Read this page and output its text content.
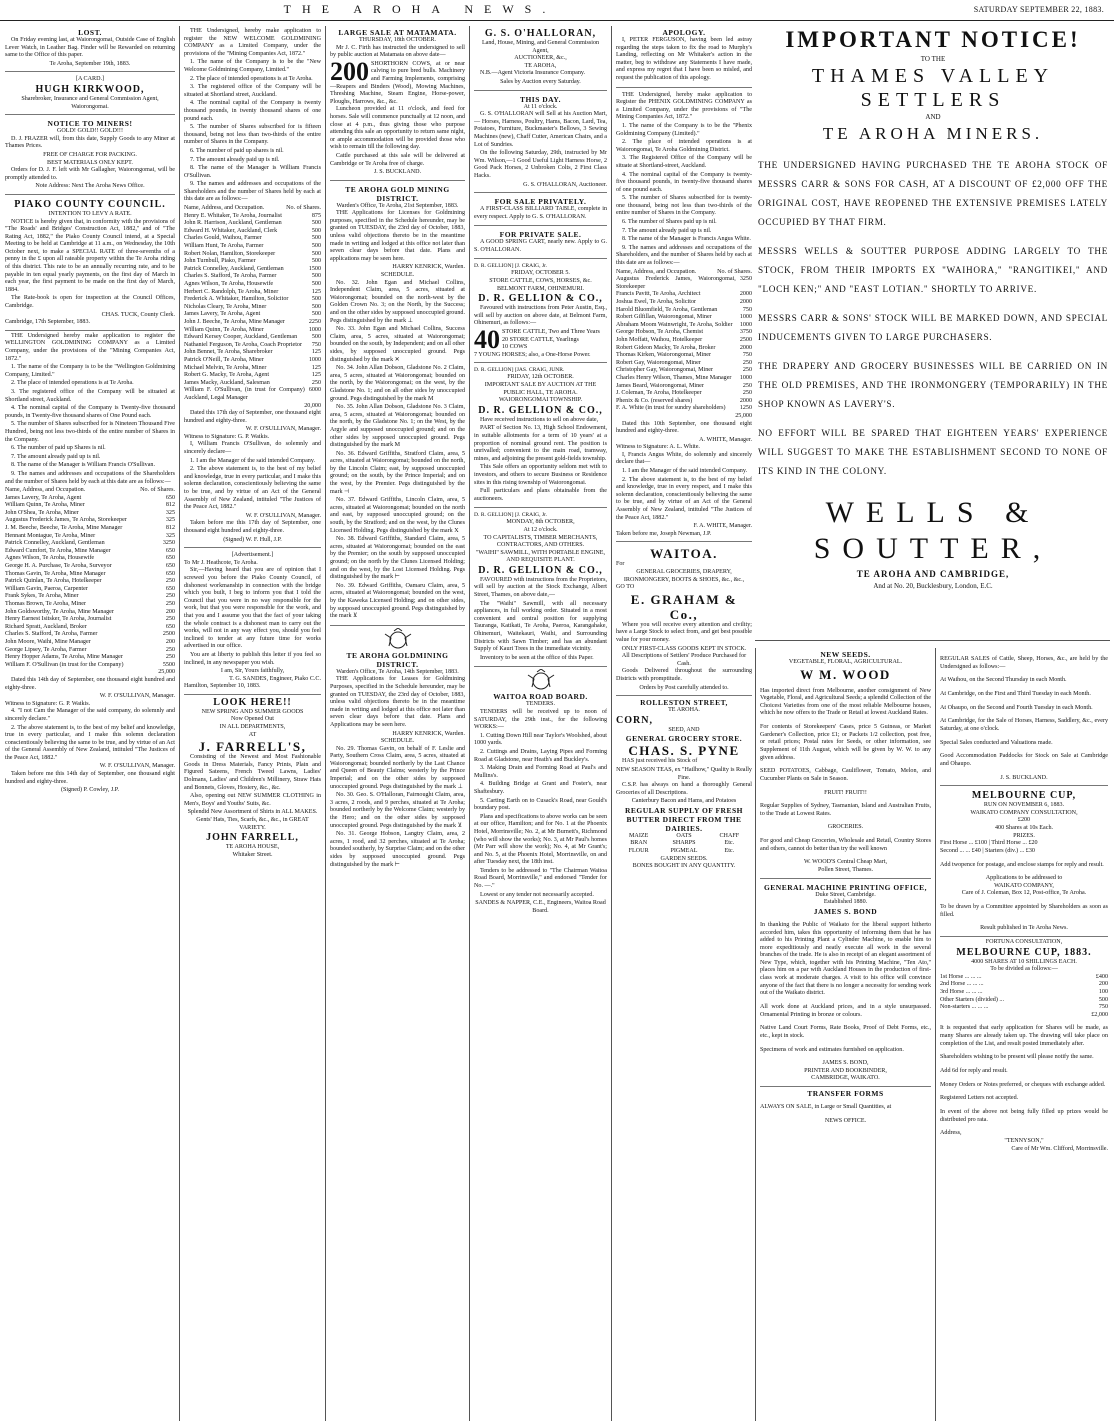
THE AROHA NEWS.	SATURDAY SEPTEMBER 22, 1883.
LOST.

On Friday evening last, at Waiorongomai, Outside Case of English Lever Watch, in Leather Bag. Finder will be Rewarded on returning same to the Office of this paper.

Te Aroha, September 19th, 1883.
[A CARD.]
HUGH KIRKWOOD,
Sharebroker, Insurance and General Commission Agent, Waiorongomai.
NOTICE TO MINERS!
GOLD! GOLD!! GOLD!!!

D. J. FRAZER will, from this date, Supply Goods to any Miner at Thames Prices.

FREE OF CHARGE FOR PACKING.
BEST MATERIALS ONLY KEPT.

Orders for D. J. F. left with Mr Gallagher, Waiorongomai, will be promptly attended to.

Note Address: Next The Aroha News Office.
PIAKO COUNTY COUNCIL.
INTENTION TO LEVY A RATE.

NOTICE is hereby given that, in conformity with the provisions of "The Roads' and Bridges' Construction Act, 1882," and of "The Rating Act, 1882," the Piako County Council intend, at a Special Meeting to be held at Cambridge at 11 a.m., on Wednesday, the 10th October next, to make a SPECIAL RATE of three-sevenths of a penny in the £ upon all rateable property within the Te Aroha riding of this district. This rate to be an annually recurring rate, and to be payable in ten equal yearly payments, on the first day of March in each year, the first payment to be made on the first day of March, 1884.

The Rate-book is open for inspection at the Council Offices, Cambridge.

CHAS. TUCK, County Clerk.
Cambridge, 17th September, 1883.

THE Undersigned hereby make application to register the WELLINGTON GOLDMINING COMPANY as a Limited Company, under the provisions of the "Mining Companies Act, 1872."

1. The name of the Company is to be the "Wellington Goldmining Company, Limited."

2. The place of intended operations is at Te Aroha.

3. The registered office of the Company will be situated at Shortland street, Auckland.

4. The nominal capital of the Company is Twenty-five thousand pounds, in Twenty-five thousand shares of One Pound each.

5. The number of Shares subscribed for is Nineteen Thousand Five Hundred, being not less two-thirds of the entire number of Shares in the Company.

6. The number of paid up Shares is nil.

7. The amount already paid up is nil.

8. The name of the Manager is William Francis O'Sullivan.

9. The names and addresses and occupations of the Shareholders and the number of Shares held by each at this date are as follows:—

Name, Address, and Occupation.	No. of Shares.
James Lavery, Te Aroha, Agent	650
William Quinn, Te Aroha, Miner	812
John O'Shea, Te Aroha, Miner	325
Augustus Frederick James, Te Aroha, Storekeeper	325
J. M. Beeche, Beeche, Te Aroha, Mine Manager	812
Hennant Montague, Te Aroha, Miner	325
Patrick Connelley, Auckland, Gentleman	3250
Edward Cumfort, Te Aroha, Mine Manager	650
Agnes Wilson, Te Aroha, Housewife	650
George H. A. Purchase, Te Aroha, Surveyor	650
Thomas Gavin, Te Aroha, Mine Manager	650
Patrick Quinlan, Te Aroha, Hotelkeeper	250
William Gavin, Paeroa, Carpenter	650
Frank Sykes, Te Aroha, Miner	250
Thomas Brown, Te Aroha, Miner	250
John Goldsworthy, Te Aroha, Mine Manager	200
Henry Earnest Isitsker, Te Aroha, Journalist	250
Richard Spratt, Auckland, Broker	650
Charles S. Stafford, Te Aroha, Farmer	2500
John Moore, Waihi, Mine Manager	200
George Lipsey, Te Aroha, Farmer	250
Henry Hopper Adams, Te Aroha, Mine Manager	250
William F. O'Sullivan (in trust for the Company)	5500
25,000

Dated this 14th day of September, one thousand eight hundred and eighty-three.

W. F. O'SULLIVAN, Manager.
Witness to Signature: G. P. Watkis.

4. "I not Cam the Manager of the said company, do solemnly and sincerely declare."

2. The above statement is, to the best of my belief and knowledge, true in every particular, and I make this solemn declaration conscientiously believing the same to be true, and by virtue of an Act of the General Assembly of New Zealand, intituled "The Justices of the Peace Act, 1882."

W. F. O'SULLIVAN, Manager.

Taken before me this 14th day of September, one thousand eight hundred and eighty-three.

(Signed) P. Cowley, J.P.

THE Undersigned, hereby make application to register the NEW WELCOME GOLDMINING COMPANY as a Limited Company, under the provisions of the "Mining Companies Act, 1872."

1. The name of the Company is to be the "New Welcome Goldmining Company, Limited."

2. The place of intended operations is at Te Aroha.

3. The registered office of the Company will be situated at Shortland street, Auckland.

4. The nominal capital of the Company is twenty thousand pounds, in twenty thousand shares of one pound each.

5. The number of Shares subscribed for is fifteen thousand, being not less than two-thirds of the entire number of Shares in the Company.

6. The number of paid up shares is nil.

7. The amount already paid up is nil.

8. The name of the Manager is William Francis O'Sullivan.

9. The names and addresses and occupations of the Shareholders and the number of Shares held by each at this date are as follows:—

Name, Address, and Occupation.	No. of Shares.
Henry E. Whitaker, Te Aroha, Journalist	875
John R. Harrison, Auckland, Gentleman	500
Edward H. Whitaker, Auckland, Clerk	500
Charles Gould, Waihou, Farmer	500
William Hunt, Te Aroha, Farmer	500
Robert Nolan, Hamilton, Storekeeper	500
John Turnbull, Piako, Farmer	500
Patrick Connelley, Auckland, Gentleman	1500
Charles S. Stafford, Te Aroha, Farmer	500
Agnes Wilson, Te Aroha, Housewife	500
Herbert C. Randolph, Te Aroha, Miner	125
Frederick A. Whitaker, Hamilton, Solicitor	500
Nicholas Cleary, Te Aroha, Miner	500
James Lavery, Te Aroha, Agent	500
John J. Beeche, Te Aroha, Mine Manager	2250
William Quinn, Te Aroha, Miner	1000
Edward Kersey Cooper, Auckland, Gentleman	500
Nathaniel Ferguson, Te Aroha, Coach Proprietor	750
John Bennet, Te Aroha, Sharebroker	125
Patrick O'Neill, Te Aroha, Miner	1000
Michael Melvin, Te Aroha, Miner	125
Robert G. Macky, Te Aroha, Agent	125
James Macky, Auckland, Salesman	250
William F. O'Sullivan, (in trust for Company) Auckland, Legal Manager
6000
20,000

Dated this 17th day of September, one thousand eight hundred and eighty-three.

W. F. O'SULLIVAN, Manager.
Witness to Signature: G. P. Watkis.

I, William Francis O'Sullivan, do solemnly and sincerely declare—

1. I am the Manager of the said intended Company.

2. The above statement is, to the best of my belief and knowledge, true in every particular, and I make this solemn declaration, conscientiously believing the same to be true, and by virtue of an Act of the General Assembly of New Zealand, intituled "The Justices of the Peace Act, 1882."

W. F. O'SULLIVAN, Manager.

Taken before me this 17th day of September, one thousand eight hundred and eighty-three.

(Signed) W. F. Hull, J.P.
[Advertisement.]
To Mr J. Heathcote, Te Aroha.

Sir,—Having heard that you are of opinion that I screwed you before the Piako County Council, of dishonest workmanship in connection with the bridge which you built, I beg to inform you that I told the Council that you were in no way responsible for the work, but that you were responsible for the work, and that you and I assume you that the fact of your taking the whole contract is a dishonest man to carry out the works, will not in any way effect you, should you feel inclined to tender at any future time for works advertised in our office.

You are at liberty to publish this letter if you feel so inclined, in any newspaper you wish.

I am, Sir, Yours faithfully,
T. G. SANDES, Engineer, Piako C.C.
Hamilton, September 10, 1883.
LOOK HERE!!
NEW SPRING AND SUMMER GOODS
Now Opened Out
IN ALL DEPARTMENTS,
AT
J. FARRELL'S,

Consisting of the Newest and Most Fashionable Goods in Dress Materials, Fancy Prints, Plain and Figured Sateens, French Tweed Lawns, Ladies' Dolmans, Ladies' and Children's Millinery, Straw Hats and Bonnets, Gloves, Hosiery, &c., &c.

Also, opening out NEW SUMMER CLOTHING in Men's, Boys' and Youths' Suits, &c.

Splendid New Assortment of Shirts in ALL MAKES.
Gents' Hats, Ties, Scarfs, &c., &c., in GREAT VARIETY.
JOHN FARRELL,
TE AROHA HOUSE,
Whitaker Street.
LARGE SALE AT MATAMATA.
THURSDAY, 18th OCTOBER.

Mr J. C. Firth has instructed the undersigned to sell by public auction at Matamata on above date—

200 SHORTHORN COWS, at or near calving to pure bred bulls. Machinery and Farming Implements, comprising—Reapers and Binders (Wood), Mowing Machines, Threshing Machine, Steam Engine, Horse-power, Ploughs, Harrows, &c., &c.

Luncheon provided at 11 o'clock, and feed for horses. Sale will commence punctually at 12 noon, and close at 4 p.m., thus giving those who purpose attending this sale an opportunity to return same night, or ample accommodation will be provided those who wish to remain till the following day.

Cattle purchased at this sale will be delivered at Cambridge or Te Aroha free of charge.

J. S. BUCKLAND.
TE AROHA GOLD MINING DISTRICT.
Warden's Office, Te Aroha, 21st September, 1883.

THE Applications for Licenses for Goldmining purposes, specified in the Schedule hereunder, may be granted on TUESDAY, the 23rd day of October, 1883, unless valid objections thereto be in the meantime made in writing and lodged at this office not later than seven clear days before that date. Plans and applications may be seen here.

HARRY KENRICK, Warden.
SCHEDULE.

No. 32. John Egan and Michael Collins, Independent Claim, area, 5 acres, situated at Waiorongomai; bounded on the north-west by the Golden Crown No. 3; on the North, by the Success; and on the other sides by supposed unoccupied ground. Pegs distinguished by the mark ⊥

No. 33. John Egan and Michael Collins, Success Claim, area, 5 acres, situated at Waiorongomai; bounded on the south, by Independent; and on all other sides, by supposed unoccupied ground. Pegs distinguished by the mark ✕

No. 34. John Allan Dobson, Gladstone No. 2 Claim, area, 5 acres, situated at Waiorongomai; bounded on the north, by the Waiorongomai; on the west, by the Gladstone No. 1; and on all other sides by unoccupied ground. Pegs distinguished by the mark M

No. 35. John Allan Dobson, Gladstone No. 3 Claim, area, 5 acres, situated at Waiorongomai; bounded on the north, by the Gladstone No. 1; on the West, by the Argyle and supposed unoccupied ground; and on the other sides by supposed unoccupied ground. Pegs distinguished by the mark M

No. 36. Edward Griffiths, Stratford Claim, area, 5 acres, situated at Waiorongomai; bounded on the north, by the Lincoln Claim; east, by supposed unoccupied ground; on the south, by the Prince Imperial; and on the west, by the Premier. Pegs distinguished by the mark ⊣

No. 37. Edward Griffiths, Lincoln Claim, area, 5 acres, situated at Waiorongomai; bounded on the north and east, by supposed unoccupied ground; on the south, by the Stratford; and on the west, by the Clunes Licensed Holding. Pegs distinguished by the mark X

No. 38. Edward Griffiths, Standard Claim, area, 5 acres, situated at Waiorongomai; bounded on the east by the Premier; on the south by supposed unoccupied ground; on the north by the Clunes Licensed Holding; and on the west, by the Lost Licensed Holding. Pegs distinguished by the mark ⊢

No. 39. Edward Griffiths, Oamaru Claim, area, 5 acres, situated at Waiorongomai; bounded on the west, by the Kaweka Licensed Holding; and on other sides, by supposed unoccupied ground. Pegs distinguished by the mark ⊻

TE AROHA GOLDMINING DISTRICT.
Warden's Office, Te Aroha, 14th September, 1883.

THE Applications for Leases for Goldmining Purposes, specified in the Schedule hereunder, may be granted on TUESDAY, the 23rd day of October, 1883, unless valid objections thereto be in the meantime made in writing and lodged at this office not later than seven clear days before that date. Plans and Applications may be seen here.

HARRY KENRICK, Warden.
SCHEDULE.

No. 29. Thomas Gavin, on behalf of F. Leslie and Party, Southern Cross Claim, area, 5 acres, situated at Waiorongomai; bounded northerly by the Last Chance and Queen of Beauty Claims; westerly by the Prince Imperial; and on the other sides by supposed unoccupied ground. Pegs distinguished by the mark ⊥

No. 30. Geo. S. O'Halloran, Fairnought Claim, area, 3 acres, 2 roods, and 9 perches, situated at Te Aroha; bounded northerly by the Welcome Claim; westerly by the Hero; and on the other sides by supposed unoccupied ground. Pegs distinguished by the mark ⊻

No. 31. George Hobson, Langtry Claim, area, 2 acres, 1 rood, and 32 perches, situated at Te Aroha; bounded southerly, by Surprise Claim; and on the other sides by supposed unoccupied ground. Pegs distinguished by the mark ⊢

G. S. O'HALLORAN,
Land, House, Mining, and General Commission Agent,
AUCTIONEER, &c.,
TE AROHA,

N.B.—Agent Victoria Insurance Company.

Sales by Auction every Saturday.
THIS DAY.
At 11 o'clock.

G. S. O'HALLORAN will Sell at his Auction Mart,— Horses, Harness, Poultry, Hams, Bacon, Lard, Tea, Potatoes, Furniture, Buckmaster's Bellows, 3 Sewing Machines (new), Chaff Cutter, American Chairs, and a Lot of Sundries.

On the following Saturday, 29th, instructed by Mr Wm. Wilson,—1 Good Useful Light Harness Horse, 2 Good Pack Horses, 2 Unbroken Colts, 2 First Class Hacks.

G. S. O'HALLORAN, Auctioneer.
FOR SALE PRIVATELY.

A FIRST-CLASS BILLIARD TABLE, complete in every respect. Apply to G. S. O'HALLORAN.

FOR PRIVATE SALE.

A GOOD SPRING CART, nearly new. Apply to G. S. O'HALLORAN.

D. R. GELLION] [J. CRAIG, Jr.
FRIDAY, OCTOBER 5.
STORE CATTLE, COWS, HORSES, &c.
BELMONT FARM, OHINEMURI.
D. R. GELLION & CO.,

Favoured with instructions from Peter Austin, Esq., will sell by auction on above date, at Belmont Farm, Ohinemuri, as follows:—

40 STORE CATTLE, Two and Three Years
20 STORE CATTLE, Yearlings
10 COWS
7 YOUNG HORSES; also, a One-Horse Power.
D. R. GELLION] [JAS. CRAIG, JUNR.
FRIDAY, 12th OCTOBER.
IMPORTANT SALE BY AUCTION AT THE PUBLIC HALL, TE AROHA.
WAIORONGOMAI TOWNSHIP.
D. R. GELLION & CO.,

Have received instructions to sell on above date,

PART of Section No. 13, High School Endowment, in suitable allotments for a term of 10 years' at a proportion of nominal ground rent. The position is unrivalled; convenient to the main road, tramway, mines, and adjoining the present gold-fields township.

This Sale offers an opportunity seldom met with to investors, and others to secure Business or Residence sites in this rising township of Waiorongomai.

Full particulars and plans obtainable from the auctioneers.

D. R. GELLION] [J. CRAIG, Jr.
MONDAY, 8th OCTOBER,
At 12 o'clock.
TO CAPITALISTS, TIMBER MERCHANTS, CONTRACTORS, AND OTHERS.
"WAIHI" SAWMILL, WITH PORTABLE ENGINE, AND REQUISITE PLANT.
D. R. GELLION & CO.,

FAVOURED with instructions from the Proprietors, will sell by auction at the Stock Exchange, Albert Street, Thames, on above date,—

The "Waihi" Sawmill, with all necessary appliances, in full working order. Situated in a most convenient and central position for supplying Tauranga, Katikati, Te Aroha, Paeroa, Karangahake, Ohinemuri, Waitekauri, Waihi, and Surrounding Districts with Sawn Timber; and has an abundant Supply of Kauri Trees in the immediate vicinity.

Inventory to be seen at the office of this Paper.

WAITOA ROAD BOARD.
TENDERS.

TENDERS will be received up to noon of SATURDAY, the 29th inst., for the following WORKS:—

1. Cutting Down Hill near Taylor's Woolshed, about 1000 yards.

2. Cuttings and Drains, Laying Pipes and Forming Road at Gladstone, near Heath's and Buckley's.

3. Making Drain and Forming Road at Paul's and Mullins's.

4. Building Bridge at Grant and Foster's, near Shaftesbury.

5. Carting Earth on to Cusack's Road, near Gould's boundary post.

Plans and specifications to above works can be seen at our office, Hamilton; and for No. 1 at the Phoenix Hotel, Morrinsville; No. 2, at Mr Burnett's, Richmond (who will show the works); No. 3, at Mr Paul's homes (Mr Parr will show the work); No. 4, at Mr Grant's; and No. 5, at the Phoenix Hotel, Morrinsville, on and after Tuesday next, the 18th inst.

Tenders to be addressed to "The Chairman Waitoa Road Board, Morrinsville," and endorsed "Tender for No. —."

Lowest or any tender not necessarily accepted.

SANDES & NAPPER, C.E., Engineers, Waitoa Road Board.
APOLOGY.

I, PETER FERGUSON, having been led astray regarding the steps taken to fix the road to Murphy's Landing, reflecting on Mr Whitaker's action in the matter, beg to withdraw any Statements I have made, and express my regret that I have been so misled, and request the publication of this apology.

THE Undersigned, hereby make application to Register the PHENIX GOLDMINING COMPANY as a Limited Company, under the provisions of "The Mining Companies Act, 1872."

1. The name of the Company is to be the "Phenix Goldmining Company (Limited)."

2. The place of intended operations is at Waiorongomai, Te Aroha Goldmining District.

3. The Registered Office of the Company will be situate at Shortland-street, Auckland.

4. The nominal capital of the Company is twenty-five thousand pounds, in twenty-five thousand shares of one pound each.

5. The number of Shares subscribed for is twenty-one thousand, being not less than two-thirds of the entire number of Shares in the Company.

6. The number of Shares paid up is nil.

7. The amount already paid up is nil.

8. The name of the Manager is Francis Angus White.

9. The names and addresses and occupations of the Shareholders, and the number of Shares held by each at this date are as follows:—

Name, Address, and Occupation.	No. of Shares.
Augustus Frederick James, Waiorongomai, Storekeeper
3250
Francis Pavitt, Te Aroha, Architect	2000
Joshua Ewel, Te Aroha, Solicitor	2000
Harold Bluomfield, Te Aroha, Gentleman	750
Robert Gilfillan, Waiorongomai, Miner	1000
Abraham Moom Wainwright, Te Aroha, Soldier	1000
George Hobson, Te Aroha, Chemist	3750
John Moffatt, Waihou, Hotelkeeper	2500
Robert Gideon Macky, Te Aroha, Broker	2000
Thomas Kirken, Waiorongomai, Miner	750
Robert Gay, Waiorongomai, Miner	250
Christopher Gay, Waiorongomai, Miner	250
Charles Henry Wilson, Thames, Mine Manager	1000
James Beard, Waiorongomai, Miner	250
J. Coleman, Te Aroha, Hotelkeeper	250
Phenix & Co. (reserved shares)	2000
F. A. White (in trust for sundry shareholders)	1250
25,000

Dated this 10th September, one thousand eight hundred and eighty-three.

A. WHITE, Manager.
Witness to Signature: A. L. White.

I, Francis Angus White, do solemnly and sincerely declare that—

1. I am the Manager of the said intended Company.

2. The above statement is, to the best of my belief and knowledge, true in every respect, and I make this solemn declaration, conscientiously believing the same to be true, and by virtue of an Act of the General Assembly of New Zealand, intituled "The Justices of the Peace Act, 1882."

F. A. WHITE, Manager.
Taken before me, Joseph Newman, J.P.
WAITOA.
For
GENERAL GROCERIES, DRAPERY, IRONMONGERY, BOOTS & SHOES, &c., &c.,
GO TO
E. GRAHAM & Co.,

Where you will receive every attention and civility; have a Large Stock to select from, and get best possible value for your money.

ONLY FIRST-CLASS GOODS KEPT IN STOCK.
All Descriptions of Settlers' Produce Purchased for Cash.

Goods Delivered throughout the surrounding Districts with promptitude.

Orders by Post carefully attended to.
ROLLESTON STREET,
TE AROHA.
CORN,
SEED, AND
GENERAL GROCERY STORE.
CHAS. S. PYNE

HAS just received his Stock of

NEW SEASON TEAS, ex "Hailhow," Quality is Really Fine.

C.S.P. has always on hand a thoroughly General Groceries of all Descriptions.

Canterbury Bacon and Hams, and Potatoes
REGULAR SUPPLY OF FRESH BUTTER DIRECT FROM THE DAIRIES.
MAIZE	OATS	CHAFF
BRAN	SHARPS	Etc.
FLOUR	PIGMEAL	Etc.
GARDEN SEEDS.
BONES BOUGHT IN ANY QUANTITY.
IMPORTANT NOTICE!
TO THE
THAMES VALLEY SETTLERS
AND
TE AROHA MINERS.
THE UNDERSIGNED HAVING PURCHASED THE TE AROHA STOCK OF MESSRS CARR & SONS FOR CASH, AT A DISCOUNT OF £2,000 OFF THE ORIGINAL COST, HAVE REOPENED THE EXTENSIVE PREMISES LATELY OCCUPIED BY THAT FIRM.
MESSRS WELLS & SOUTTER PURPOSE ADDING LARGELY TO THE STOCK, FROM THEIR IMPORTS EX "WAIHORA," "RANGITIKEI," AND "LOCH KEN;" AND "EAST LOTIAN." SHORTLY TO ARRIVE.
MESSRS CARR & SONS' STOCK WILL BE MARKED DOWN, AND SPECIAL INDUCEMENTS GIVEN TO LARGE PURCHASERS.
THE DRAPERY AND GROCERY BUSINESSES WILL BE CARRIED ON IN THE OLD PREMISES, AND THE IRONMONGERY (TEMPORARILY) IN THE SHOP KNOWN AS LAVERY'S.
NO EFFORT WILL BE SPARED THAT EIGHTEEN YEARS' EXPERIENCE WILL SUGGEST TO MAKE THE ESTABLISHMENT SECOND TO NONE OF ITS KIND IN THE COLONY.
WELLS & SOUTTER,
TE AROHA AND CAMBRIDGE,
And at No. 20, Bucklesbury, London, E.C.
NEW SEEDS.
VEGETABLE, FLORAL, AGRICULTURAL.
W M. WOOD

Has imported direct from Melbourne, another consignment of New Vegetable, Floral, and Agricultural Seeds; a splendid Collection of the Choicest Varieties from one of the most reliable Melbourne houses, which he now offers to the Trade or Retail at lowest Auckland Rates.

For contents of Storekeepers' Cases, price 5 Guineas, or Market Gardener's Collection, price £1; or Packets 1/2 collection, post free, or retail prices; Postal rates for Seeds, or other information, see Supplement of 11th August, which will be given by W. W. to any given address.

SEED POTATOES, Cabbage, Cauliflower, Tomato, Melon, and Cucumber Plants on Sale in Season.

FRUIT! FRUIT!!

Regular Supplies of Sydney, Tasmanian, Island and Australian Fruits, to the Trade at Lowest Rates.

GROCERIES.

For good and Cheap Groceries, Wholesale and Retail, Country Stores and others, cannot do better than try the well known

W. WOOD'S Central Cheap Mart,
Pollen Street, Thames.
GENERAL MACHINE PRINTING OFFICE,
Duke Street, Cambridge.
Established 1880.
JAMES S. BOND

In thanking the Public of Waikato for the liberal support hitherto accorded him, takes this opportunity of informing them that he has added to his Printing Plant a Cylinder Machine, to enable him to more expeditiously and neatly execute all work in the several branches of the trade. He is also in receipt of an elegant assortment of New Type, which, together with his Printing Machine, "Ten Ato," places him on a par with Auckland Houses in the production of first-class work at moderate charges. A visit to his office will convince anyone of the fact that there is no longer a necessity for sending work out of the Waikato district.

All work done at Auckland prices, and in a style unsurpassed. Ornamental Printing in bronze or colours.

Native Land Court Forms, Rate Books, Proof of Debt Forms, etc., etc., kept in stock.

Specimens of work and estimates furnished on application.

JAMES S. BOND,
PRINTER AND BOOKBINDER,
CAMBRIDGE, WAIKATO.
TRANSFER FORMS

ALWAYS ON SALE, in Large or Small Quantities, at

NEWS OFFICE.

REGULAR SALES of Cattle, Sheep, Horses, &c., are held by the Undersigned as follows:—

At Waihou, on the Second Thursday in each Month.

At Cambridge, on the First and Third Tuesday in each Month.

At Ohaupo, on the Second and Fourth Tuesday in each Month.

At Cambridge, for the Sale of Horses, Harness, Saddlery, &c., every Saturday, at one o'clock.

Special Sales conducted and Valuations made.

Good Accommodation Paddocks for Stock on Sale at Cambridge and Ohaupo.

J. S. BUCKLAND.
MELBOURNE CUP,
RUN ON NOVEMBER 6, 1883.
WAIKATO COMPANY CONSULTATION,
£200
400 Shares at 10s Each.
PRIZES.
First Horse ... £100 | Third Horse ... £20
Second ... ... £40 | Starters (div.) ... £30

Add twopence for postage, and enclose stamps for reply and result.

Applications to be addressed to
WAIKATO COMPANY,
Care of J. Coleman, Box 12, Post-office, Te Aroha.

To be drawn by a Committee appointed by Shareholders as soon as filled.

Result published in Te Aroha News.
FORTUNA CONSULTATION,
MELBOURNE CUP, 1883.
4000 SHARES AT 10 SHILLINGS EACH.
To be divided as follows:—
1st Horse ... ... ...	£400
2nd Horse ... ... ...	200
3rd Horse ... ... ...	100
Other Starters (divided) ...	500
Non-starters ... ... ...	750
£2,000

It is requested that early application for Shares will be made, as many Shares are already taken up. The drawing will take place on completion of the List, and result posted immediately after.

Shareholders wishing to be present will please notify the same.

Add 6d for reply and result.

Money Orders or Notes preferred, or cheques with exchange added.

Registered Letters not accepted.

In event of the above not being fully filled up prizes would be distributed pro rata.

Address,
"TENNYSON,"
Care of Mr Wm. Clifford, Morrinsville.
